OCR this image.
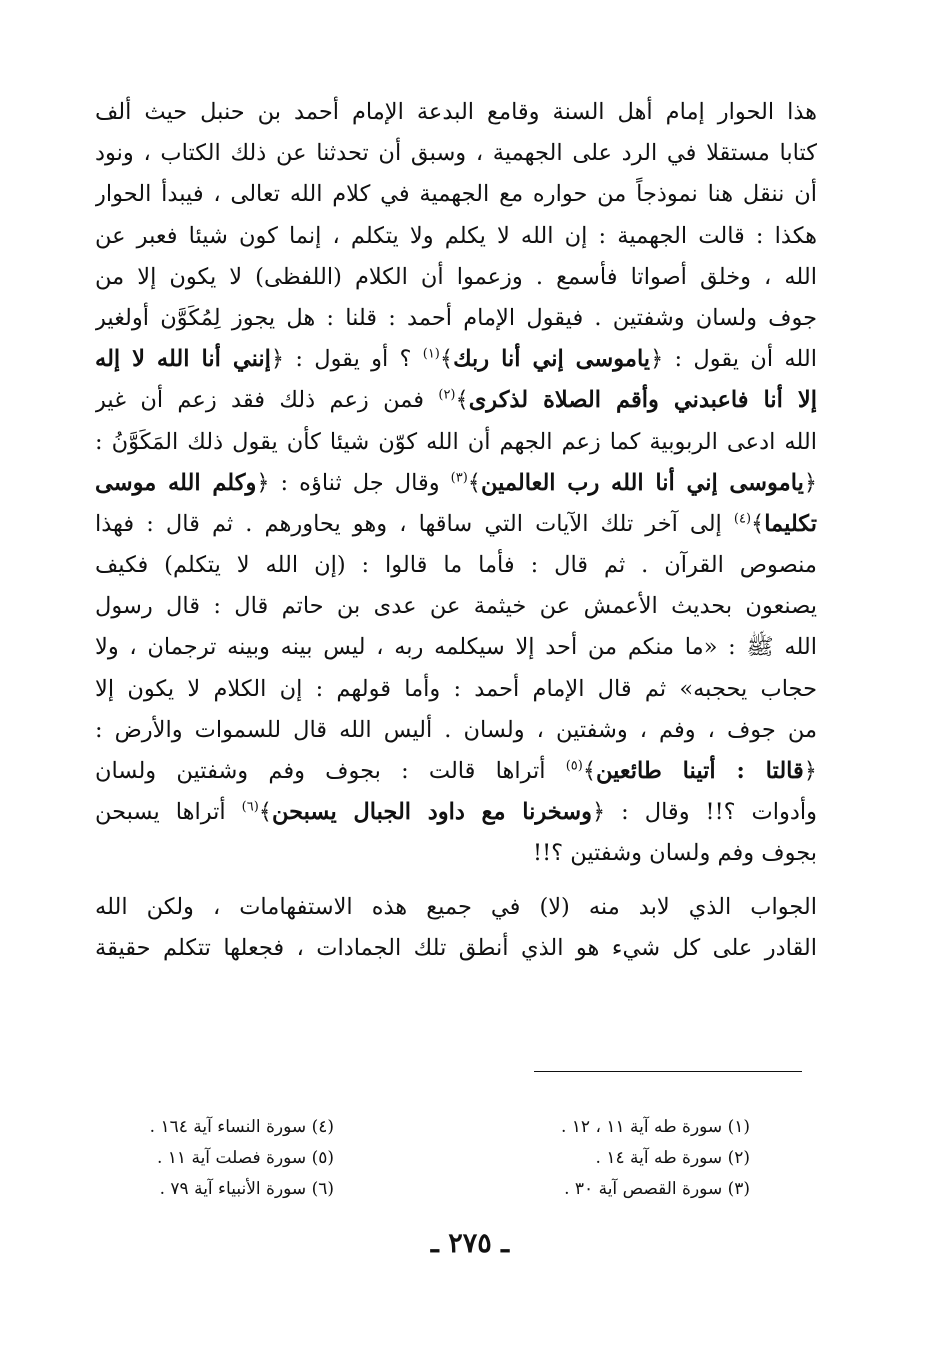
هذا الحوار إمام أهل السنة وقامع البدعة الإمام أحمد بن حنبل حيث ألف
كتابا مستقلا في الرد على الجهمية ، وسبق أن تحدثنا عن ذلك الكتاب ، ونود
أن ننقل هنا نموذجاً من حواره مع الجهمية في كلام الله تعالى ، فيبدأ الحوار
هكذا : قالت الجهمية : إن الله لا يكلم ولا يتكلم ، إنما كون شيئا فعبر عن
الله ، وخلق أصواتا فأسمع . وزعموا أن الكلام (اللفظى) لا يكون إلا من
جوف ولسان وشفتين . فيقول الإمام أحمد : قلنا : هل يجوز لِمُكَوَّن أولغير
الله أن يقول : ﴿ياموسى إني أنا ربك﴾$^{(١)}$ ؟ أو يقول : ﴿إنني أنا الله لا إله
إلا أنا فاعبدني وأقم الصلاة لذكرى﴾$^{(٢)}$ فمن زعم ذلك فقد زعم أن غير
الله ادعى الربوبية كما زعم الجهم أن الله كوّن شيئا كأن يقول ذلك المَكَوَّنُ :
﴿ياموسى إني أنا الله رب العالمين﴾$^{(٣)}$ وقال جل ثناؤه : ﴿وكلم الله موسى
تكليما﴾$^{(٤)}$ إلى آخر تلك الآيات التي ساقها ، وهو يحاورهم . ثم قال : فهذا
منصوص القرآن . ثم قال : فأما ما قالوا : (إن الله لا يتكلم) فكيف
يصنعون بحديث الأعمش عن خيثمة عن عدى بن حاتم قال : قال رسول
الله ﷺ : «ما منكم من أحد إلا سيكلمه ربه ، ليس بينه وبينه ترجمان ، ولا
حجاب يحجبه» ثم قال الإمام أحمد : وأما قولهم : إن الكلام لا يكون إلا
من جوف ، وفم ، وشفتين ، ولسان . أليس الله قال للسموات والأرض :
﴿قالتا : أتينا طائعين﴾$^{(٥)}$ أتراها قالت : بجوف وفم وشفتين ولسان
وأدوات ؟!! وقال : ﴿وسخرنا مع داود الجبال يسبحن﴾$^{(٦)}$ أتراها يسبحن
بجوف وفم ولسان وشفتين ؟!!
الجواب الذي لابد منه (لا) في جميع هذه الاستفهامات ، ولكن الله
القادر على كل شيء هو الذي أنطق تلك الجمادات ، فجعلها تتكلم حقيقة
(١) سورة طه آية ١١ ، ١٢ .
(٢) سورة طه آية ١٤ .
(٣) سورة القصص آية ٣٠ .
(٤) سورة النساء آية ١٦٤ .
(٥) سورة فصلت آية ١١ .
(٦) سورة الأنبياء آية ٧٩ .
ـ ٢٧٥ ـ
